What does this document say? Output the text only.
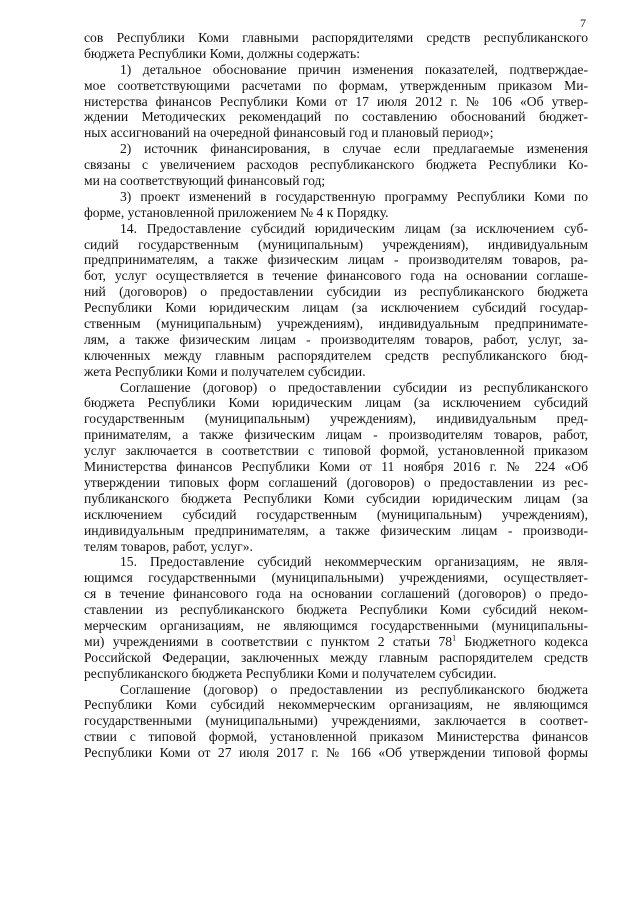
7
сов Республики Коми главными распорядителями средств республиканского
бюджета Республики Коми, должны содержать:
1) детальное обоснование причин изменения показателей, подтверждае-
мое соответствующими расчетами по формам, утвержденным приказом Ми-
нистерства финансов Республики Коми от 17 июля 2012 г. № 106 «Об утвер-
ждении Методических рекомендаций по составлению обоснований бюджет-
ных ассигнований на очередной финансовый год и плановый период»;
2) источник финансирования, в случае если предлагаемые изменения
связаны с увеличением расходов республиканского бюджета Республики Ко-
ми на соответствующий финансовый год;
3) проект изменений в государственную программу Республики Коми по
форме, установленной приложением № 4 к Порядку.
14. Предоставление субсидий юридическим лицам (за исключением суб-
сидий государственным (муниципальным) учреждениям), индивидуальным
предпринимателям, а также физическим лицам - производителям товаров, ра-
бот, услуг осуществляется в течение финансового года на основании соглаше-
ний (договоров) о предоставлении субсидии из республиканского бюджета
Республики Коми юридическим лицам (за исключением субсидий государ-
ственным (муниципальным) учреждениям), индивидуальным предпринимате-
лям, а также физическим лицам - производителям товаров, работ, услуг, за-
ключенных между главным распорядителем средств республиканского бюд-
жета Республики Коми и получателем субсидии.
Соглашение (договор) о предоставлении субсидии из республиканского
бюджета Республики Коми юридическим лицам (за исключением субсидий
государственным (муниципальным) учреждениям), индивидуальным пред-
принимателям, а также физическим лицам - производителям товаров, работ,
услуг заключается в соответствии с типовой формой, установленной приказом
Министерства финансов Республики Коми от 11 ноября 2016 г. № 224 «Об
утверждении типовых форм соглашений (договоров) о предоставлении из рес-
публиканского бюджета Республики Коми субсидии юридическим лицам (за
исключением субсидий государственным (муниципальным) учреждениям),
индивидуальным предпринимателям, а также физическим лицам - производи-
телям товаров, работ, услуг».
15. Предоставление субсидий некоммерческим организациям, не явля-
ющимся государственными (муниципальными) учреждениями, осуществляет-
ся в течение финансового года на основании соглашений (договоров) о предо-
ставлении из республиканского бюджета Республики Коми субсидий неком-
мерческим организациям, не являющимся государственными (муниципальны-
ми) учреждениями в соответствии с пунктом 2 статьи $78^1$ Бюджетного кодекса
Российской Федерации, заключенных между главным распорядителем средств
республиканского бюджета Республики Коми и получателем субсидии.
Соглашение (договор) о предоставлении из республиканского бюджета
Республики Коми субсидий некоммерческим организациям, не являющимся
государственными (муниципальными) учреждениями, заключается в соответ-
ствии с типовой формой, установленной приказом Министерства финансов
Республики Коми от 27 июля 2017 г. № 166 «Об утверждении типовой формы
